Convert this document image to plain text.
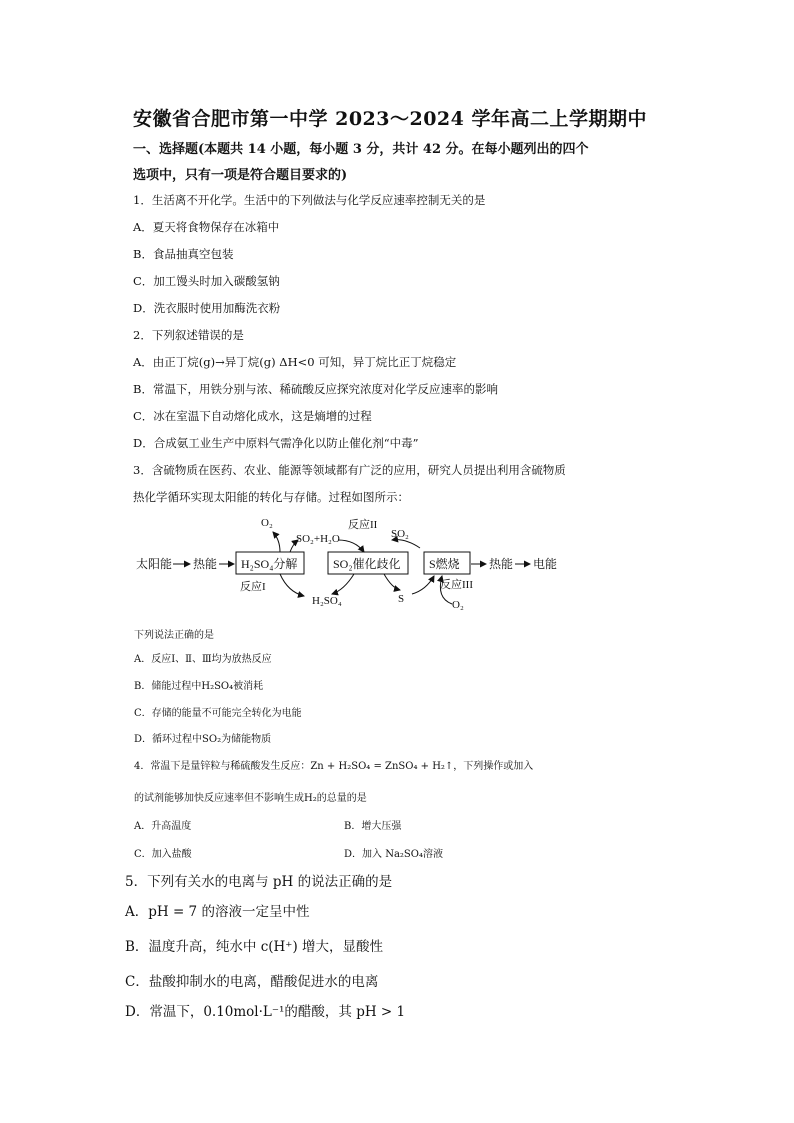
安徽省合肥市第一中学 2023～2024 学年高二上学期期中
一、选择题(本题共 14 小题，每小题 3 分，共计 42 分。在每小题列出的四个
选项中，只有一项是符合题目要求的)
1．生活离不开化学。生活中的下列做法与化学反应速率控制无关的是
A．夏天将食物保存在冰箱中
B．食品抽真空包装
C．加工馒头时加入碳酸氢钠
D．洗衣服时使用加酶洗衣粉
2．下列叙述错误的是
A．由正丁烷(g)→异丁烷(g) ΔH<0 可知，异丁烷比正丁烷稳定
B．常温下，用铁分别与浓、稀硫酸反应探究浓度对化学反应速率的影响
C．冰在室温下自动熔化成水，这是熵增的过程
D．合成氨工业生产中原料气需净化以防止催化剂“中毒”
3．含硫物质在医药、农业、能源等领域都有广泛的应用，研究人员提出利用含硫物质
热化学循环实现太阳能的转化与存储。过程如图所示：
太阳能 热能 H₂SO₄分解	SO₂催化歧化 S燃烧 热能 电能
O₂
SO₂+H₂O
反应II
SO₂
反应I
H₂SO₄	S
反应III
O₂
下列说法正确的是
A．反应Ⅰ、Ⅱ、Ⅲ均为放热反应
B．储能过程中H₂SO₄被消耗
C．存储的能量不可能完全转化为电能
D．循环过程中SO₂为储能物质
4．常温下是量锌粒与稀硫酸发生反应：Zn + H₂SO₄ = ZnSO₄ + H₂↑，下列操作或加入
的试剂能够加快反应速率但不影响生成H₂的总量的是
A．升高温度	B．增大压强
C．加入盐酸	D．加入 Na₂SO₄溶液
5．下列有关水的电离与 pH 的说法正确的是
A．pH = 7 的溶液一定呈中性
B．温度升高，纯水中 c(H⁺) 增大，显酸性
C．盐酸抑制水的电离，醋酸促进水的电离
D．常温下，0.10mol·L⁻¹的醋酸，其 pH > 1
